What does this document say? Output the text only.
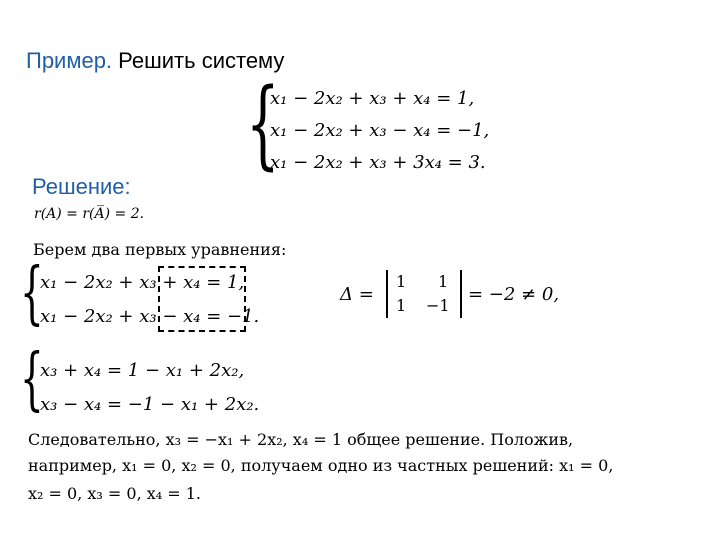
Пример. Решить систему
{
x₁ − 2x₂ + x₃ + x₄ = 1,
x₁ − 2x₂ + x₃ − x₄ = −1,
x₁ − 2x₂ + x₃ + 3x₄ = 3.
Решение:
r(A) = r(A̅) = 2.
Берем два первых уравнения:
{
x₁ − 2x₂ + x₃ + x₄ = 1,
x₁ − 2x₂ + x₃ − x₄ = −1.
Δ =
1 1
1 −1
= −2 ≠ 0,
{
x₃ + x₄ = 1 − x₁ + 2x₂,
x₃ − x₄ = −1 − x₁ + 2x₂.
Следовательно, x₃ = −x₁ + 2x₂, x₄ = 1 общее решение. Положив,
например, x₁ = 0, x₂ = 0, получаем одно из частных решений: x₁ = 0,
x₂ = 0, x₃ = 0, x₄ = 1.
